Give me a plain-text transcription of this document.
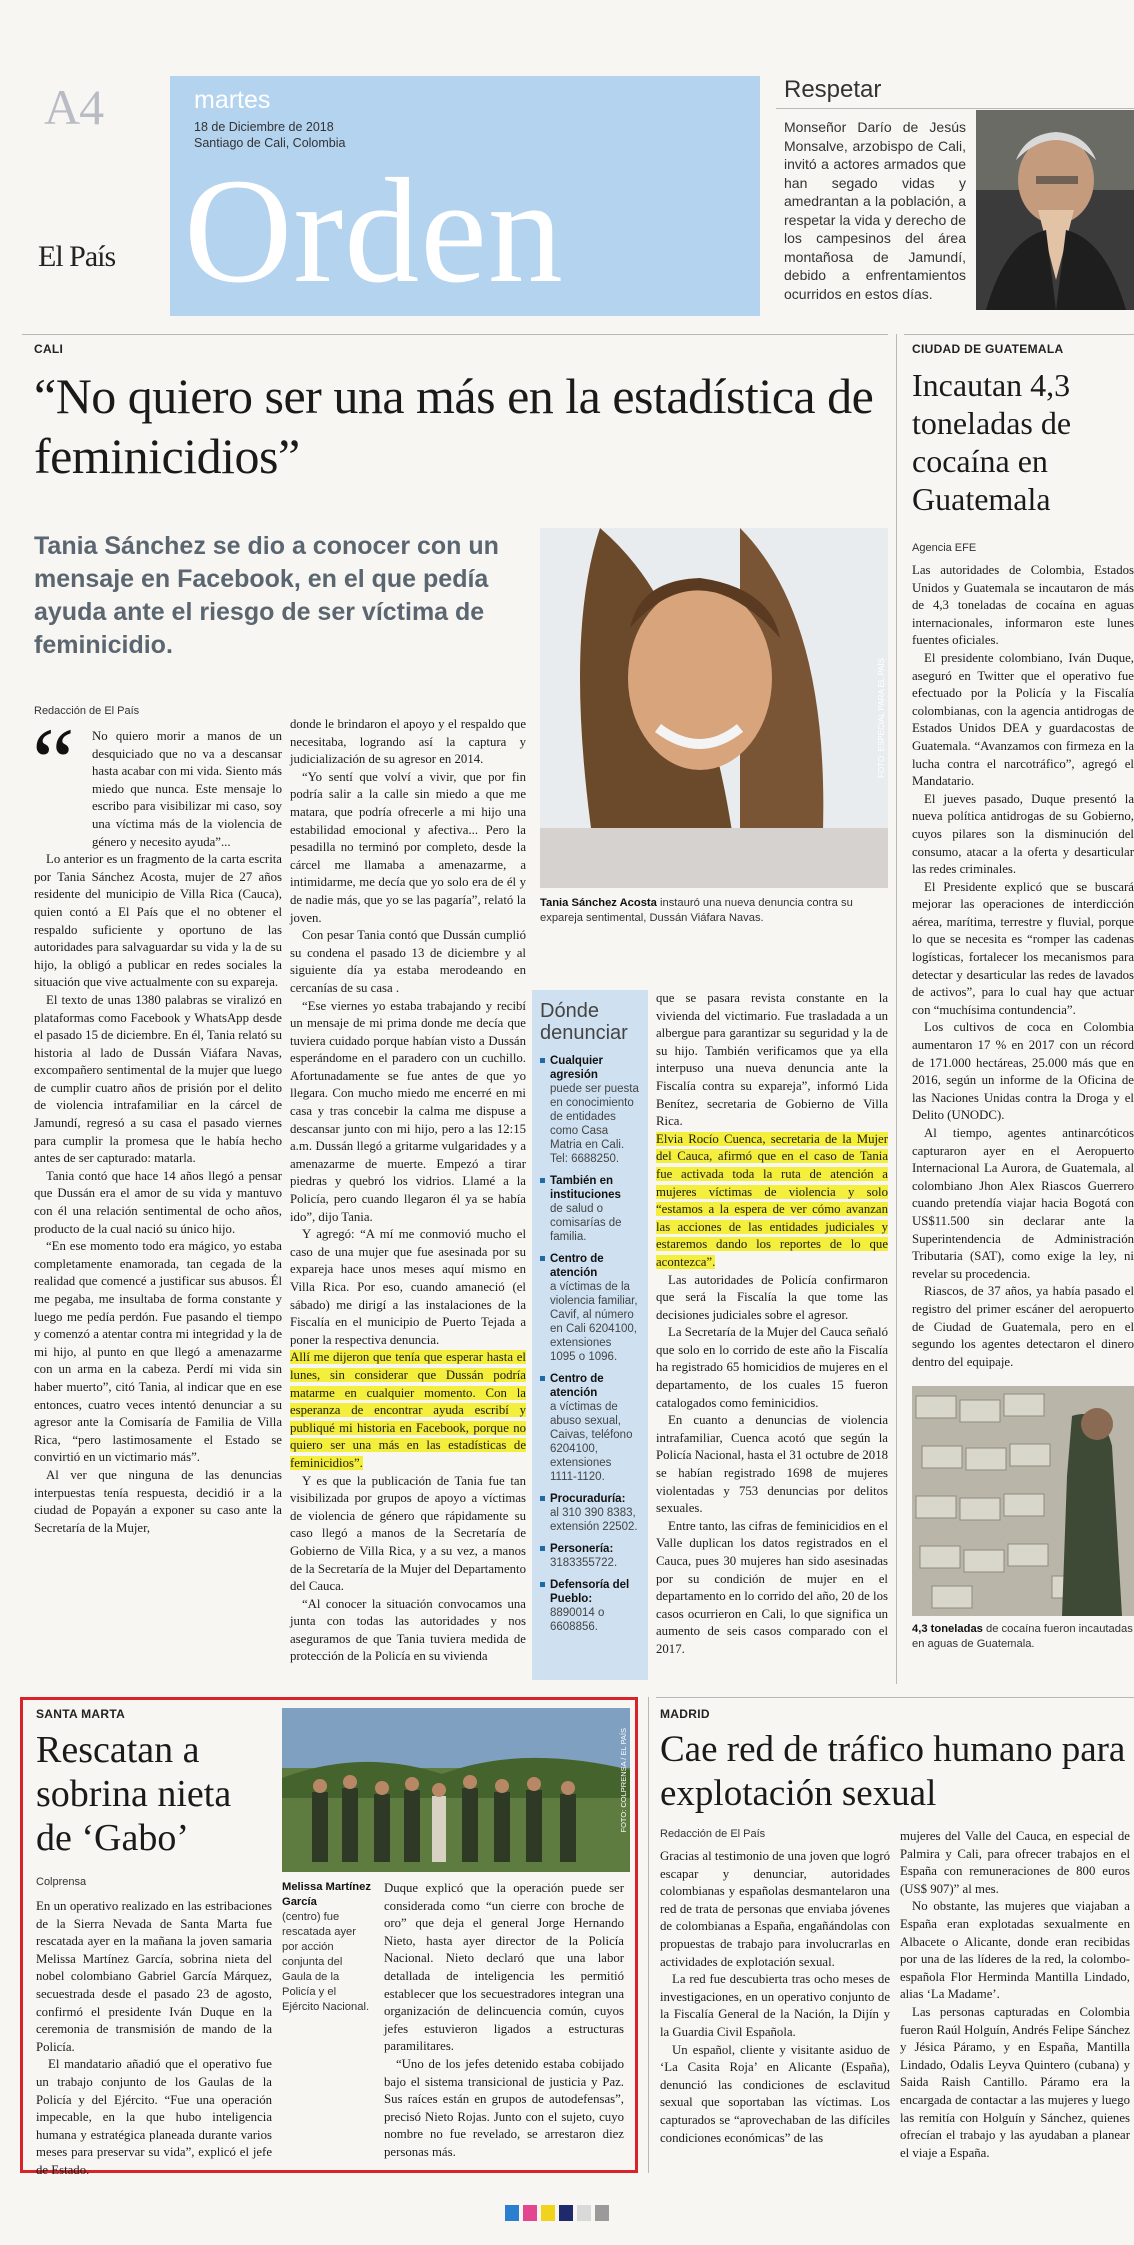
A4
El País
martes
18 de Diciembre de 2018
Santiago de Cali, Colombia
Orden
Respetar
Monseñor Darío de Jesús Monsalve, arzobispo de Cali, invitó a actores armados que han segado vidas y amedrantan a la población, a respetar la vida y derecho de los campesinos del área montañosa de Jamundí, debido a enfrentamientos ocurridos en estos días.
CALI
“No quiero ser una más en la estadística de feminicidios”
Tania Sánchez se dio a conocer con un mensaje en Facebook, en el que pedía ayuda ante el riesgo de ser víctima de feminicidio.
FOTO: ESPECIAL PARA EL PAÍS
Tania Sánchez Acosta instauró una nueva denuncia contra su expareja sentimental, Dussán Viáfara Navas.
Redacción de El País
“	No quiero morir a manos de un desquiciado que no va a descansar hasta acabar con mi vida. Siento más miedo que nunca. Este mensaje lo escribo para visibilizar mi caso, soy una víctima más de la violencia de género y necesito ayuda”...

Lo anterior es un fragmento de la carta escrita por Tania Sánchez Acosta, mujer de 27 años residente del municipio de Villa Rica (Cauca), quien contó a El País que el no obtener el respaldo suficiente y oportuno de las autoridades para salvaguardar su vida y la de su hijo, la obligó a publicar en redes sociales la situación que vive actualmente con su expareja.

El texto de unas 1380 palabras se viralizó en plataformas como Facebook y WhatsApp desde el pasado 15 de diciembre. En él, Tania relató su historia al lado de Dussán Viáfara Navas, excompañero sentimental de la mujer que luego de cumplir cuatro años de prisión por el delito de violencia intrafamiliar en la cárcel de Jamundí, regresó a su casa el pasado viernes para cumplir la promesa que le había hecho antes de ser capturado: matarla.

Tania contó que hace 14 años llegó a pensar que Dussán era el amor de su vida y mantuvo con él una relación sentimental de ocho años, producto de la cual nació su único hijo.

“En ese momento todo era mágico, yo estaba completamente enamorada, tan cegada de la realidad que comencé a justificar sus abusos. Él me pegaba, me insultaba de forma constante y luego me pedía perdón. Fue pasando el tiempo y comenzó a atentar contra mi integridad y la de mi hijo, al punto en que llegó a amenazarme con un arma en la cabeza. Perdí mi vida sin haber muerto”, citó Tania, al indicar que en ese entonces, cuatro veces intentó denunciar a su agresor ante la Comisaría de Familia de Villa Rica, “pero lastimosamente el Estado se convirtió en un victimario más”.

Al ver que ninguna de las denuncias interpuestas tenía respuesta, decidió ir a la ciudad de Popayán a exponer su caso ante la Secretaría de la Mujer,

donde le brindaron el apoyo y el respaldo que necesitaba, logrando así la captura y judicialización de su agresor en 2014.

“Yo sentí que volví a vivir, que por fin podría salir a la calle sin miedo a que me matara, que podría ofrecerle a mi hijo una estabilidad emocional y afectiva... Pero la pesadilla no terminó por completo, desde la cárcel me llamaba a amenazarme, a intimidarme, me decía que yo solo era de él y de nadie más, que yo se las pagaría”, relató la joven.

Con pesar Tania contó que Dussán cumplió su condena el pasado 13 de diciembre y al siguiente día ya estaba merodeando en cercanías de su casa .

“Ese viernes yo estaba trabajando y recibí un mensaje de mi prima donde me decía que tuviera cuidado porque habían visto a Dussán esperándome en el paradero con un cuchillo. Afortunadamente se fue antes de que yo llegara. Con mucho miedo me encerré en mi casa y tras concebir la calma me dispuse a descansar junto con mi hijo, pero a las 12:15 a.m. Dussán llegó a gritarme vulgaridades y a amenazarme de muerte. Empezó a tirar piedras y quebró los vidrios. Llamé a la Policía, pero cuando llegaron él ya se había ido”, dijo Tania.

Y agregó: “A mí me conmovió mucho el caso de una mujer que fue asesinada por su expareja hace unos meses aquí mismo en Villa Rica. Por eso, cuando amaneció (el sábado) me dirigí a las instalaciones de la Fiscalía en el municipio de Puerto Tejada a poner la respectiva denuncia.

Allí me dijeron que tenía que esperar hasta el lunes, sin considerar que Dussán podría matarme en cualquier momento. Con la esperanza de encontrar ayuda escribí y publiqué mi historia en Facebook, porque no quiero ser una más en las estadísticas de feminicidios”.

Y es que la publicación de Tania fue tan visibilizada por grupos de apoyo a víctimas de violencia de género que rápidamente su caso llegó a manos de la Secretaría de Gobierno de Villa Rica, y a su vez, a manos de la Secretaría de la Mujer del Departamento del Cauca.

“Al conocer la situación convocamos una junta con todas las autoridades y nos aseguramos de que Tania tuviera medida de protección de la Policía en su vivienda

Dónde denunciar
Cualquier agresión
puede ser puesta en conocimiento de entidades como Casa Matria en Cali. Tel: 6688250.
También en instituciones
de salud o comisarías de familia.
Centro de atención
a víctimas de la violencia familiar, Cavif, al número en Cali 6204100, extensiones 1095 o 1096.
Centro de atención
a víctimas de abuso sexual, Caivas, teléfono 6204100, extensiones 1111-1120.
Procuraduría:
al 310 390 8383, extensión 22502.
Personería:
3183355722.
Defensoría del Pueblo:
8890014 o 6608856.

que se pasara revista constante en la vivienda del victimario. Fue trasladada a un albergue para garantizar su seguridad y la de su hijo. También verificamos que ya ella interpuso una nueva denuncia ante la Fiscalía contra su expareja”, informó Lida Benítez, secretaria de Gobierno de Villa Rica.

Elvia Rocío Cuenca, secretaria de la Mujer del Cauca, afirmó que en el caso de Tania fue activada toda la ruta de atención a mujeres víctimas de violencia y solo “estamos a la espera de ver cómo avanzan las acciones de las entidades judiciales y estaremos dando los reportes de lo que acontezca”.

Las autoridades de Policía confirmaron que será la Fiscalía la que tome las decisiones judiciales sobre el agresor.

La Secretaría de la Mujer del Cauca señaló que solo en lo corrido de este año la Fiscalía ha registrado 65 homicidios de mujeres en el departamento, de los cuales 15 fueron catalogados como feminicidios.

En cuanto a denuncias de violencia intrafamiliar, Cuenca acotó que según la Policía Nacional, hasta el 31 octubre de 2018 se habían registrado 1698 de mujeres violentadas y 753 denuncias por delitos sexuales.

Entre tanto, las cifras de feminicidios en el Valle duplican los datos registrados en el Cauca, pues 30 mujeres han sido asesinadas por su condición de mujer en el departamento en lo corrido del año, 20 de los casos ocurrieron en Cali, lo que significa un aumento de seis casos comparado con el 2017.

CIUDAD DE GUATEMALA
Incautan 4,3 toneladas de cocaína en Guatemala
Agencia EFE

Las autoridades de Colombia, Estados Unidos y Guatemala se incautaron de más de 4,3 toneladas de cocaína en aguas internacionales, informaron este lunes fuentes oficiales.

El presidente colombiano, Iván Duque, aseguró en Twitter que el operativo fue efectuado por la Policía y la Fiscalía colombianas, con la agencia antidrogas de Estados Unidos DEA y guardacostas de Guatemala. “Avanzamos con firmeza en la lucha contra el narcotráfico”, agregó el Mandatario.

El jueves pasado, Duque presentó la nueva política antidrogas de su Gobierno, cuyos pilares son la disminución del consumo, atacar a la oferta y desarticular las redes criminales.

El Presidente explicó que se buscará mejorar las operaciones de interdicción aérea, marítima, terrestre y fluvial, porque lo que se necesita es “romper las cadenas logísticas, fortalecer los mecanismos para detectar y desarticular las redes de lavados de activos”, para lo cual hay que actuar con “muchísima contundencia”.

Los cultivos de coca en Colombia aumentaron 17 % en 2017 con un récord de 171.000 hectáreas, 25.000 más que en 2016, según un informe de la Oficina de las Naciones Unidas contra la Droga y el Delito (UNODC).

Al tiempo, agentes antinarcóticos capturaron ayer en el Aeropuerto Internacional La Aurora, de Guatemala, al colombiano Jhon Alex Riascos Guerrero cuando pretendía viajar hacia Bogotá con US$11.500 sin declarar ante la Superintendencia de Administración Tributaria (SAT), como exige la ley, ni revelar su procedencia.

Riascos, de 37 años, ya había pasado el registro del primer escáner del aeropuerto de Ciudad de Guatemala, pero en el segundo los agentes detectaron el dinero dentro del equipaje.

4,3 toneladas de cocaína fueron incautadas en aguas de Guatemala.
SANTA MARTA
Rescatan a sobrina nieta de ‘Gabo’
Colprensa
FOTO: COLPRENSA / EL PAÍS
Melissa Martínez García
(centro) fue rescatada ayer por acción conjunta del Gaula de la Policía y el Ejército Nacional.

En un operativo realizado en las estribaciones de la Sierra Nevada de Santa Marta fue rescatada ayer en la mañana la joven samaria Melissa Martínez García, sobrina nieta del nobel colombiano Gabriel García Márquez, secuestrada desde el pasado 23 de agosto, confirmó el presidente Iván Duque en la ceremonia de transmisión de mando de la Policía.

El mandatario añadió que el operativo fue un trabajo conjunto de los Gaulas de la Policía y del Ejército. “Fue una operación impecable, en la que hubo inteligencia humana y estratégica planeada durante varios meses para preservar su vida”, explicó el jefe de Estado.

Duque explicó que la operación puede ser considerada como “un cierre con broche de oro” que deja el general Jorge Hernando Nieto, hasta ayer director de la Policía Nacional. Nieto declaró que una labor detallada de inteligencia les permitió establecer que los secuestradores integran una organización de delincuencia común, cuyos jefes estuvieron ligados a estructuras paramilitares.

“Uno de los jefes detenido estaba cobijado bajo el sistema transicional de justicia y Paz. Sus raíces están en grupos de autodefensas”, precisó Nieto Rojas. Junto con el sujeto, cuyo nombre no fue revelado, se arrestaron diez personas más.

MADRID
Cae red de tráfico humano para explotación sexual
Redacción de El País

Gracias al testimonio de una joven que logró escapar y denunciar, autoridades colombianas y españolas desmantelaron una red de trata de personas que enviaba jóvenes de colombianas a España, engañándolas con propuestas de trabajo para involucrarlas en actividades de explotación sexual.

La red fue descubierta tras ocho meses de investigaciones, en un operativo conjunto de la Fiscalía General de la Nación, la Dijín y la Guardia Civil Española.

Un español, cliente y visitante asiduo de ‘La Casita Roja’ en Alicante (España), denunció las condiciones de esclavitud sexual que soportaban las víctimas. Los capturados se “aprovechaban de las difíciles condiciones económicas” de las

mujeres del Valle del Cauca, en especial de Palmira y Cali, para ofrecer trabajos en el España con remuneraciones de 800 euros (US$ 907)” al mes.

No obstante, las mujeres que viajaban a España eran explotadas sexualmente en Albacete o Alicante, donde eran recibidas por una de las líderes de la red, la colombo-española Flor Herminda Mantilla Lindado, alias ‘La Madame’.

Las personas capturadas en Colombia fueron Raúl Holguín, Andrés Felipe Sánchez y Jésica Páramo, y en España, Mantilla Lindado, Odalis Leyva Quintero (cubana) y Saida Raish Cantillo. Páramo era la encargada de contactar a las mujeres y luego las remitía con Holguín y Sánchez, quienes ofrecían el trabajo y las ayudaban a planear el viaje a España.
